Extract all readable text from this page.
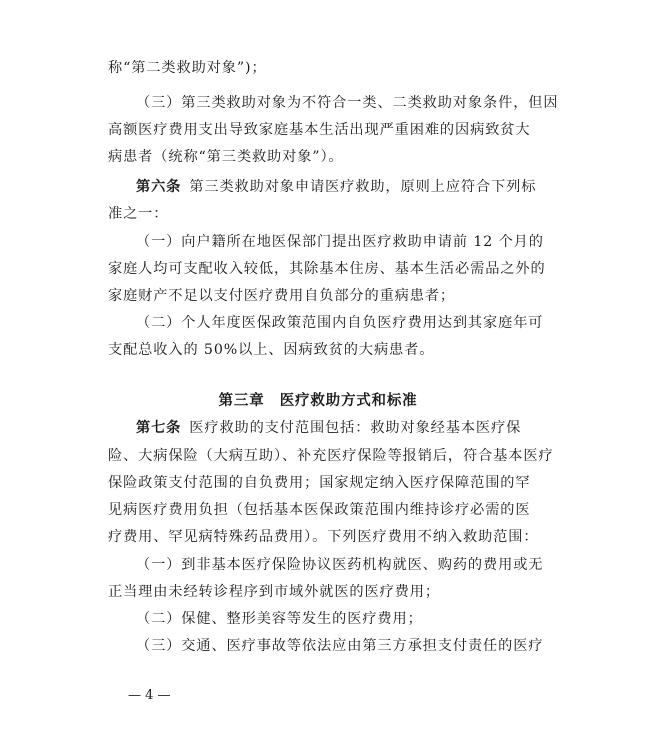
称“第二类救助对象”)；
（三）第三类救助对象为不符合一类、二类救助对象条件，但因
高额医疗费用支出导致家庭基本生活出现严重困难的因病致贫大
病患者（统称“第三类救助对象”）。
第六条 第三类救助对象申请医疗救助，原则上应符合下列标
准之一：
（一）向户籍所在地医保部门提出医疗救助申请前 12 个月的
家庭人均可支配收入较低，其除基本住房、基本生活必需品之外的
家庭财产不足以支付医疗费用自负部分的重病患者；
（二）个人年度医保政策范围内自负医疗费用达到其家庭年可
支配总收入的 50%以上、因病致贫的大病患者。
第三章　医疗救助方式和标准
第七条 医疗救助的支付范围包括：救助对象经基本医疗保
险、大病保险（大病互助）、补充医疗保险等报销后，符合基本医疗
保险政策支付范围的自负费用；国家规定纳入医疗保障范围的罕
见病医疗费用负担（包括基本医保政策范围内维持诊疗必需的医
疗费用、罕见病特殊药品费用）。下列医疗费用不纳入救助范围：
（一）到非基本医疗保险协议医药机构就医、购药的费用或无
正当理由未经转诊程序到市域外就医的医疗费用；
（二）保健、整形美容等发生的医疗费用；
（三）交通、医疗事故等依法应由第三方承担支付责任的医疗
— 4 —
